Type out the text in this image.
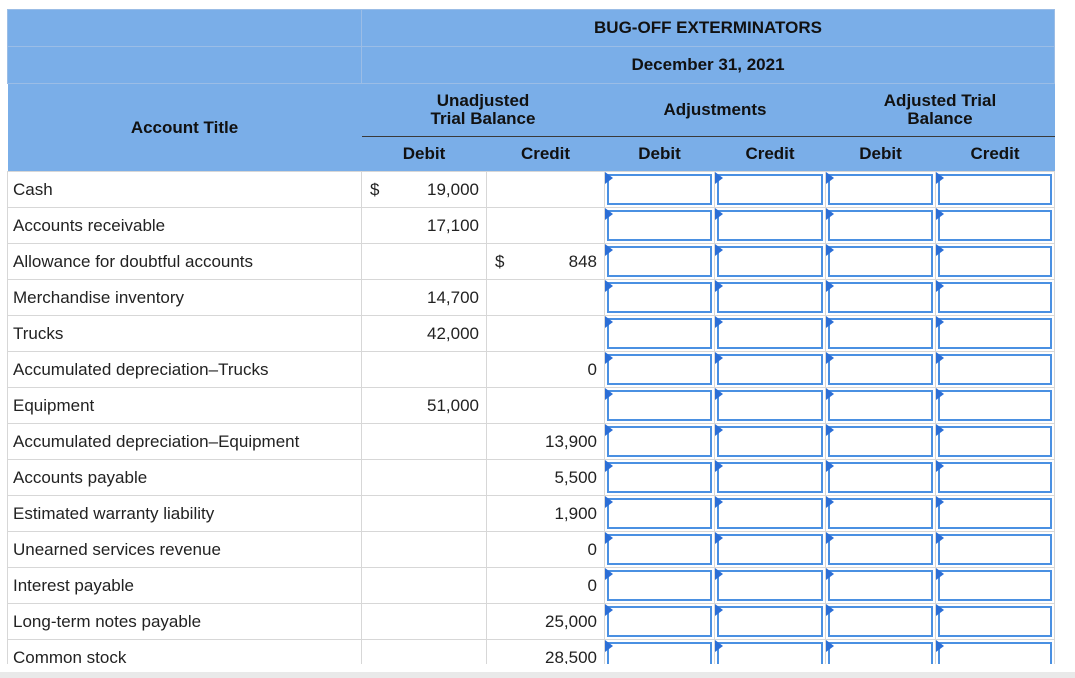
	BUG-OFF EXTERMINATORS					
	December 31, 2021					
Account Title	Unadjusted Trial Balance		Adjustments		Adjusted Trial Balance	

	Debit	Credit	Debit	Credit	Debit	Credit
Cash	$ 19,000					

Accounts receivable	17,100					

Allowance for doubtful accounts		$ 848				

Merchandise inventory	14,700					

Trucks	42,000					

Accumulated depreciation–Trucks		0				

Equipment	51,000					

Accumulated depreciation–Equipment		13,900				

Accounts payable		5,500				

Estimated warranty liability		1,900				

Unearned services revenue		0				

Interest payable		0				

Long-term notes payable		25,000				

Common stock		28,500				
